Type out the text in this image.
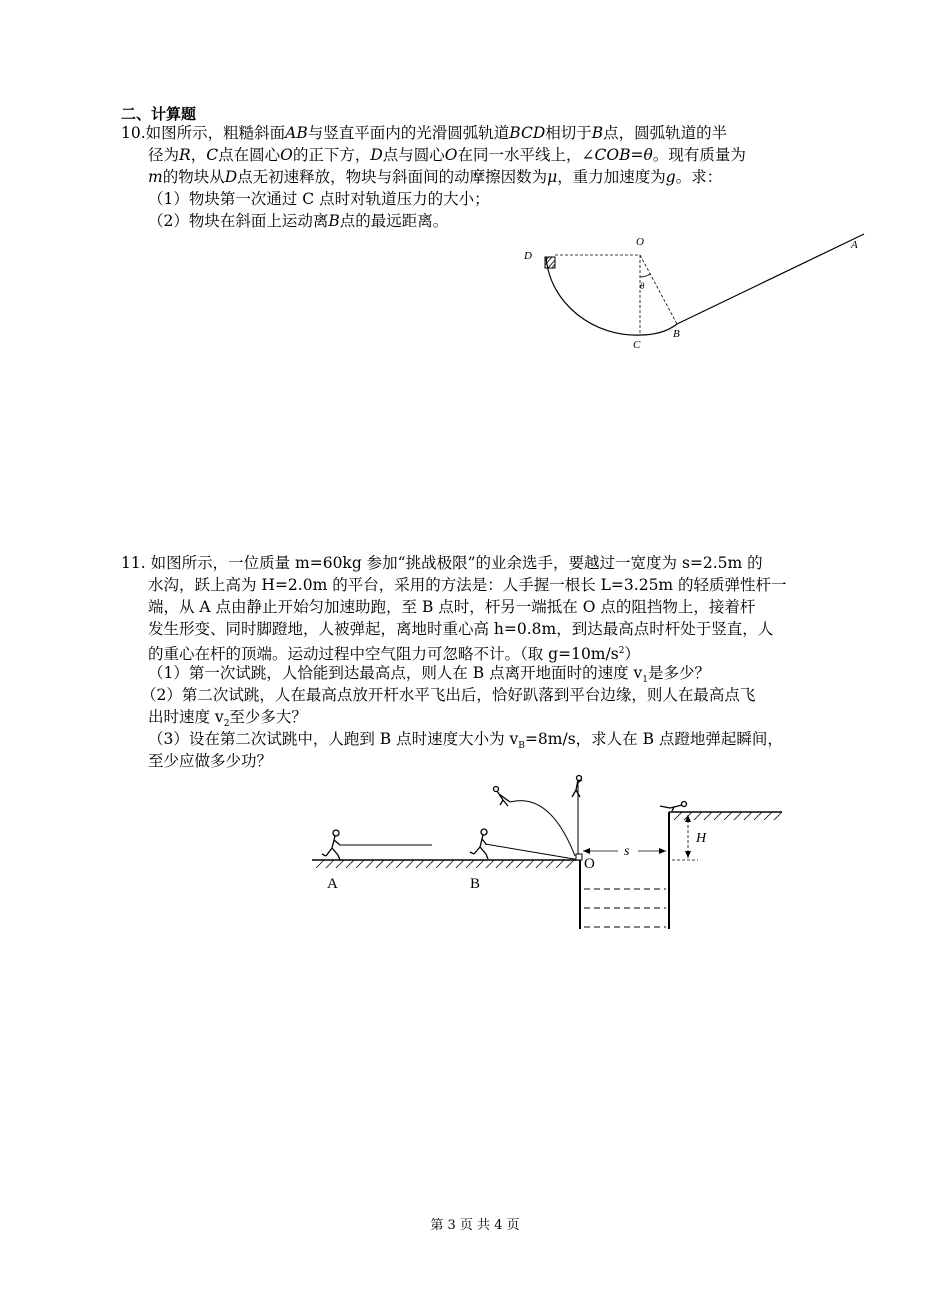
二、计算题
10.如图所示，粗糙斜面AB与竖直平面内的光滑圆弧轨道BCD相切于B点，圆弧轨道的半
径为R，C点在圆心O的正下方，D点与圆心O在同一水平线上，∠COB=θ。现有质量为
m的物块从D点无初速释放，物块与斜面间的动摩擦因数为μ，重力加速度为g。求：
（1）物块第一次通过 C 点时对轨道压力的大小；
（2）物块在斜面上运动离B点的最远距离。
D
O	A
B
C
θ
11. 如图所示，一位质量 m=60kg 参加“挑战极限”的业余选手，要越过一宽度为 s=2.5m 的
水沟，跃上高为 H=2.0m 的平台，采用的方法是：人手握一根长 L=3.25m 的轻质弹性杆一
端，从 A 点由静止开始匀加速助跑，至 B 点时，杆另一端抵在 O 点的阻挡物上，接着杆
发生形变、同时脚蹬地，人被弹起，离地时重心高 h=0.8m，到达最高点时杆处于竖直，人
的重心在杆的顶端。运动过程中空气阻力可忽略不计。（取 $g=10m/s^2$）
（1）第一次试跳，人恰能到达最高点，则人在 B 点离开地面时的速度 $v_1$是多少？
（2）第二次试跳，人在最高点放开杆水平飞出后，恰好趴落到平台边缘，则人在最高点飞
出时速度 $v_2$至少多大？
（3）设在第二次试跳中，人跑到 B 点时速度大小为 $v_B=8m/s$，求人在 B 点蹬地弹起瞬间，
至少应做多少功？
A	B
O
s
H
第 3 页 共 4 页
